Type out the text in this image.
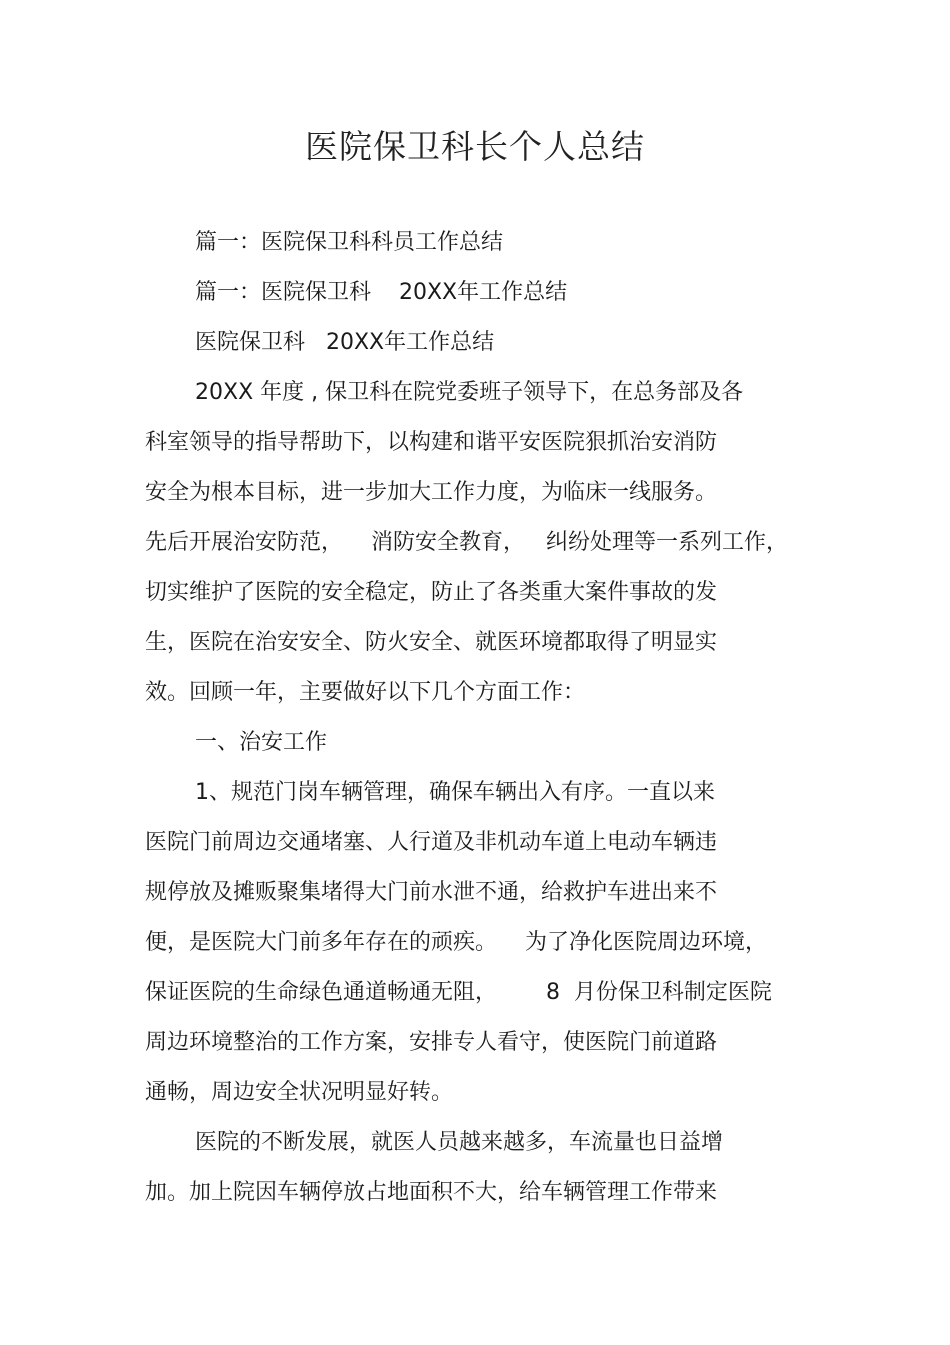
医院保卫科长个人总结
篇一：医院保卫科科员工作总结
篇一：医院保卫科    20XX年工作总结
医院保卫科   20XX年工作总结
20XX 年度 , 保卫科在院党委班子领导下，在总务部及各
科室领导的指导帮助下，以构建和谐平安医院狠抓治安消防
安全为根本目标，进一步加大工作力度，为临床一线服务。
先后开展治安防范，    消防安全教育，   纠纷处理等一系列工作，
切实维护了医院的安全稳定，防止了各类重大案件事故的发
生，医院在治安安全、防火安全、就医环境都取得了明显实
效。回顾一年，主要做好以下几个方面工作：
一、治安工作
1、规范门岗车辆管理，确保车辆出入有序。一直以来
医院门前周边交通堵塞、人行道及非机动车道上电动车辆违
规停放及摊贩聚集堵得大门前水泄不通，给救护车进出来不
便，是医院大门前多年存在的顽疾。    为了净化医院周边环境，
保证医院的生命绿色通道畅通无阻，       8  月份保卫科制定医院
周边环境整治的工作方案，安排专人看守，使医院门前道路
通畅，周边安全状况明显好转。
医院的不断发展，就医人员越来越多，车流量也日益增
加。加上院因车辆停放占地面积不大，给车辆管理工作带来
